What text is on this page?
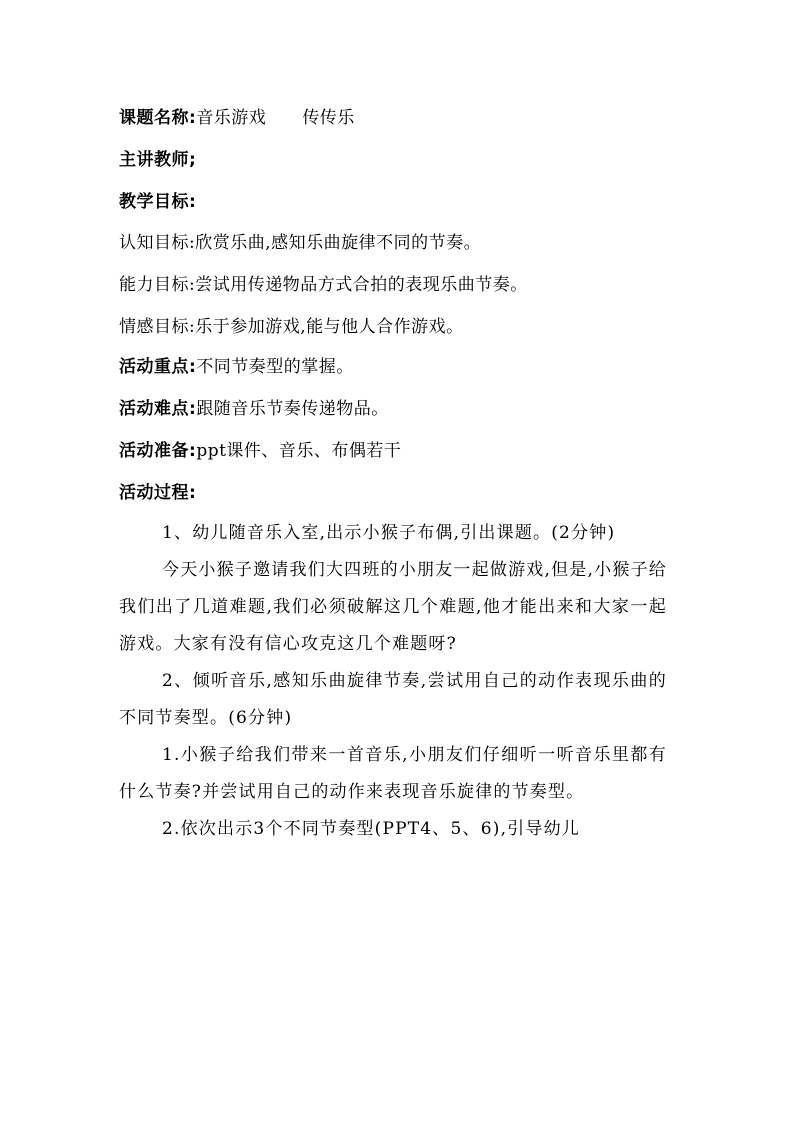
课题名称:音乐游戏 传传乐
主讲教师;
教学目标:
认知目标:欣赏乐曲,感知乐曲旋律不同的节奏。
能力目标:尝试用传递物品方式合拍的表现乐曲节奏。
情感目标:乐于参加游戏,能与他人合作游戏。
活动重点:不同节奏型的掌握。
活动难点:跟随音乐节奏传递物品。
活动准备:ppt课件、音乐、布偶若干
活动过程:

1、幼儿随音乐入室,出示小猴子布偶,引出课题。(2分钟)

今天小猴子邀请我们大四班的小朋友一起做游戏,但是,小猴子给我们出了几道难题,我们必须破解这几个难题,他才能出来和大家一起游戏。大家有没有信心攻克这几个难题呀?

2、倾听音乐,感知乐曲旋律节奏,尝试用自己的动作表现乐曲的不同节奏型。(6分钟)

1.小猴子给我们带来一首音乐,小朋友们仔细听一听音乐里都有什么节奏?并尝试用自己的动作来表现音乐旋律的节奏型。

2.依次出示3个不同节奏型(PPT4、5、6),引导幼儿
